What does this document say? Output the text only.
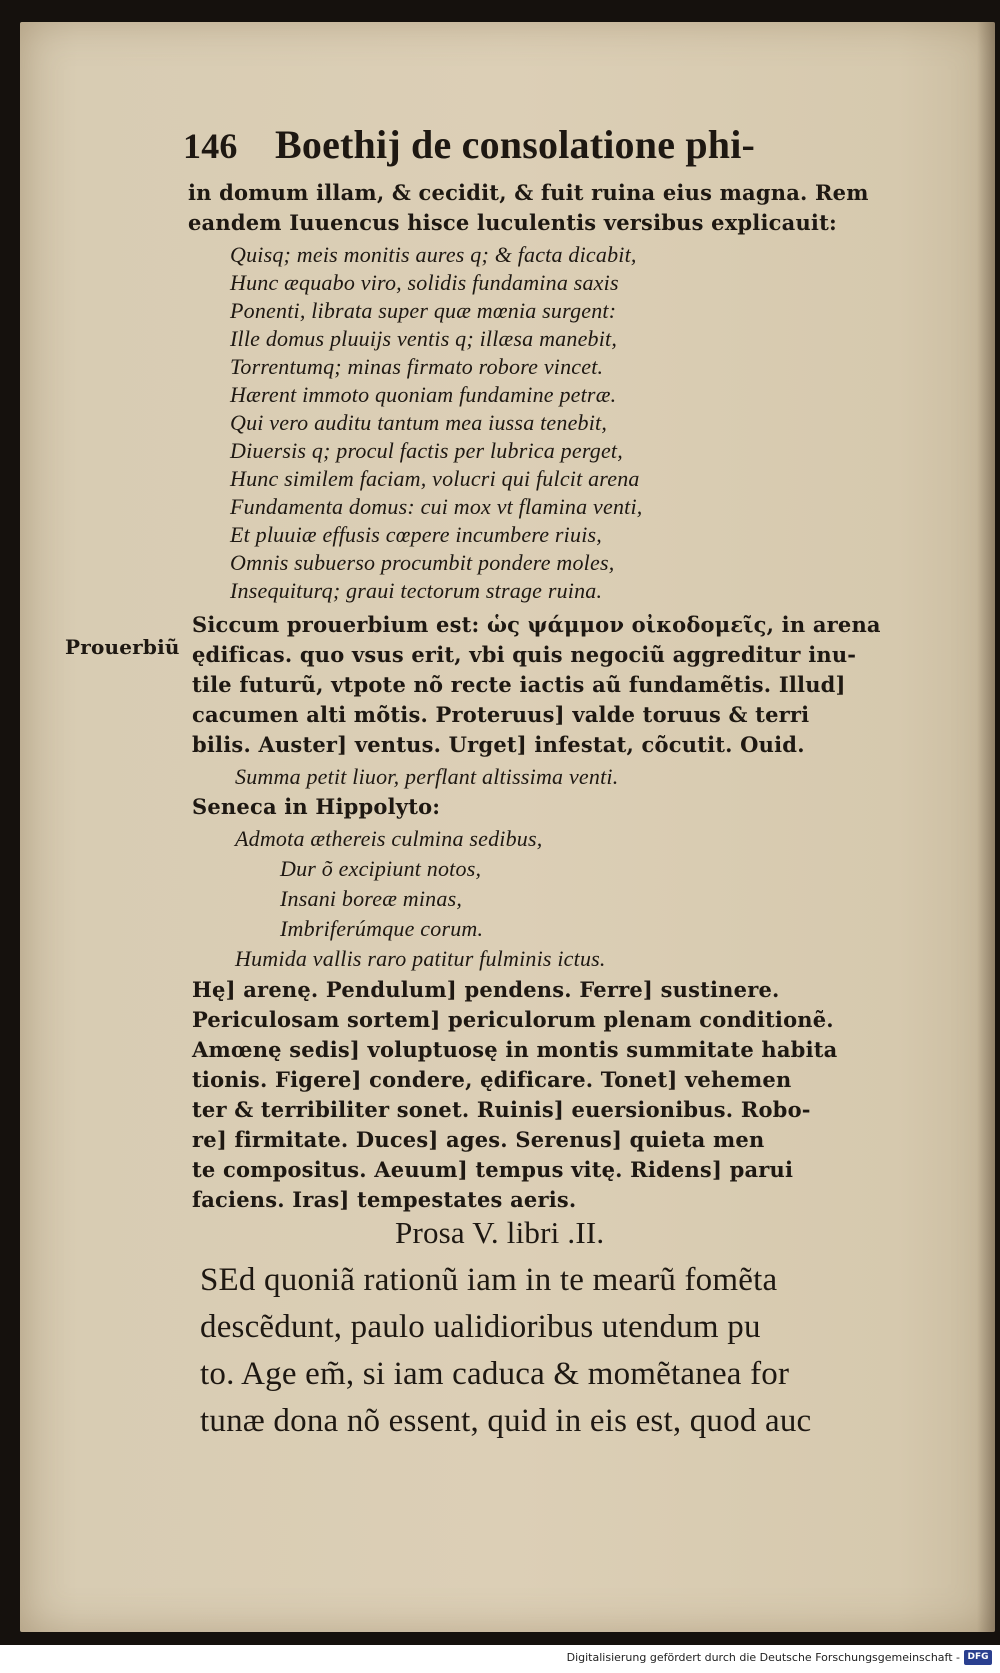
146 Boethij de consolatione phi-
in domum illam, & cecidit, & fuit ruina eius magna. Rem
eandem Iuuencus hisce luculentis versibus explicauit:
Quisq; meis monitis aures q; & facta dicabit,
Hunc æquabo viro, solidis fundamina saxis
Ponenti, librata super quæ mœnia surgent:
Ille domus pluuijs ventis q; illæsa manebit,
Torrentumq; minas firmato robore vincet.
Hærent immoto quoniam fundamine petræ.
Qui vero auditu tantum mea iussa tenebit,
Diuersis q; procul factis per lubrica perget,
Hunc similem faciam, volucri qui fulcit arena
Fundamenta domus: cui mox vt flamina venti,
Et pluuiæ effusis cœpere incumbere riuis,
Omnis subuerso procumbit pondere moles,
Insequiturq; graui tectorum strage ruina.
Prouerbiũ
Siccum prouerbium est: ὡς ψάμμον οἰκοδομεῖς, in arena
ędificas. quo vsus erit, vbi quis negociũ aggreditur inu-
tile futurũ, vtpote nõ recte iactis aũ fundamẽtis. Illud]
cacumen alti mõtis. Proteruus] valde toruus & terri
bilis. Auster] ventus. Urget] infestat, cõcutit. Ouid.
Summa petit liuor, perflant altissima venti.
Seneca in Hippolyto:
Admota æthereis culmina sedibus,
Dur õ excipiunt notos,
Insani boreæ minas,
Imbriferúmque corum.
Humida vallis raro patitur fulminis ictus.
Hę] arenę. Pendulum] pendens. Ferre] sustinere.
Periculosam sortem] periculorum plenam conditionẽ.
Amœnę sedis] voluptuosę in montis summitate habita
tionis. Figere] condere, ędificare. Tonet] vehemen
ter & terribiliter sonet. Ruinis] euersionibus. Robo-
re] firmitate. Duces] ages. Serenus] quieta men
te compositus. Aeuum] tempus vitę. Ridens] parui
faciens. Iras] tempestates aeris.
Prosa V. libri .II.
SEd quoniã rationũ iam in te mearũ fomẽta
descẽdunt, paulo ualidioribus utendum pu
to. Age em̃, si iam caduca & momẽtanea for
tunæ dona nõ essent, quid in eis est, quod auc
Digitalisierung gefördert durch die Deutsche Forschungsgemeinschaft - DFG
